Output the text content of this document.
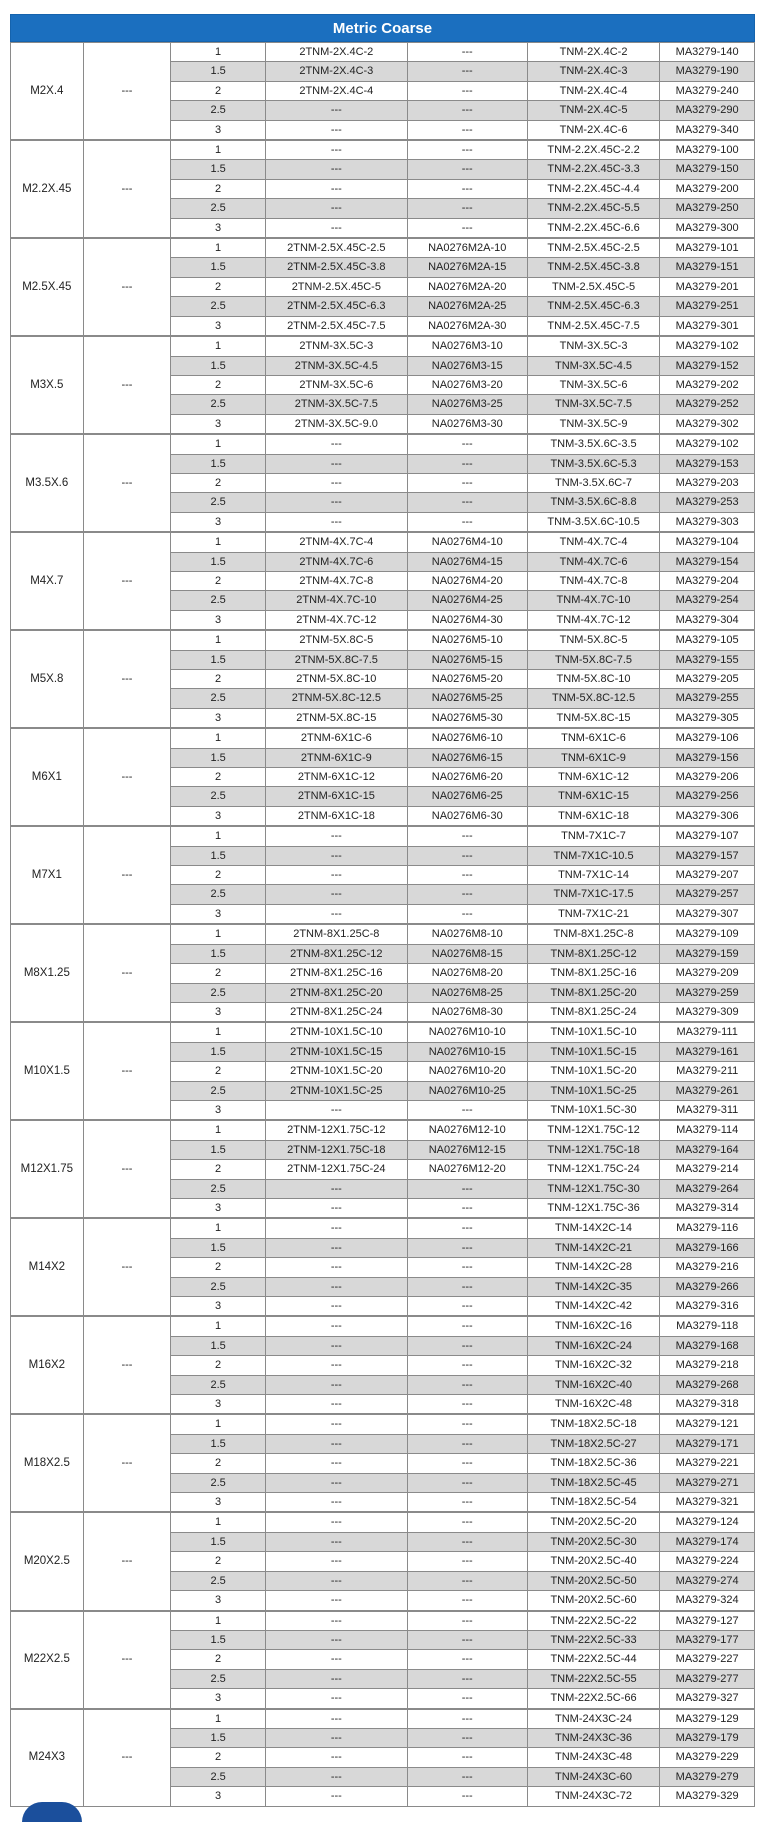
Metric Coarse
M2X.4	---	1	2TNM-2X.4C-2	---	TNM-2X.4C-2	MA3279-140
		1.5	2TNM-2X.4C-3	---	TNM-2X.4C-3	MA3279-190
		2	2TNM-2X.4C-4	---	TNM-2X.4C-4	MA3279-240
		2.5	---	---	TNM-2X.4C-5	MA3279-290
		3	---	---	TNM-2X.4C-6	MA3279-340
M2.2X.45	---	1	---	---	TNM-2.2X.45C-2.2	MA3279-100
		1.5	---	---	TNM-2.2X.45C-3.3	MA3279-150
		2	---	---	TNM-2.2X.45C-4.4	MA3279-200
		2.5	---	---	TNM-2.2X.45C-5.5	MA3279-250
		3	---	---	TNM-2.2X.45C-6.6	MA3279-300
M2.5X.45	---	1	2TNM-2.5X.45C-2.5	NA0276M2A-10	TNM-2.5X.45C-2.5	MA3279-101
		1.5	2TNM-2.5X.45C-3.8	NA0276M2A-15	TNM-2.5X.45C-3.8	MA3279-151
		2	2TNM-2.5X.45C-5	NA0276M2A-20	TNM-2.5X.45C-5	MA3279-201
		2.5	2TNM-2.5X.45C-6.3	NA0276M2A-25	TNM-2.5X.45C-6.3	MA3279-251
		3	2TNM-2.5X.45C-7.5	NA0276M2A-30	TNM-2.5X.45C-7.5	MA3279-301
M3X.5	---	1	2TNM-3X.5C-3	NA0276M3-10	TNM-3X.5C-3	MA3279-102
		1.5	2TNM-3X.5C-4.5	NA0276M3-15	TNM-3X.5C-4.5	MA3279-152
		2	2TNM-3X.5C-6	NA0276M3-20	TNM-3X.5C-6	MA3279-202
		2.5	2TNM-3X.5C-7.5	NA0276M3-25	TNM-3X.5C-7.5	MA3279-252
		3	2TNM-3X.5C-9.0	NA0276M3-30	TNM-3X.5C-9	MA3279-302
M3.5X.6	---	1	---	---	TNM-3.5X.6C-3.5	MA3279-102
		1.5	---	---	TNM-3.5X.6C-5.3	MA3279-153
		2	---	---	TNM-3.5X.6C-7	MA3279-203
		2.5	---	---	TNM-3.5X.6C-8.8	MA3279-253
		3	---	---	TNM-3.5X.6C-10.5	MA3279-303
M4X.7	---	1	2TNM-4X.7C-4	NA0276M4-10	TNM-4X.7C-4	MA3279-104
		1.5	2TNM-4X.7C-6	NA0276M4-15	TNM-4X.7C-6	MA3279-154
		2	2TNM-4X.7C-8	NA0276M4-20	TNM-4X.7C-8	MA3279-204
		2.5	2TNM-4X.7C-10	NA0276M4-25	TNM-4X.7C-10	MA3279-254
		3	2TNM-4X.7C-12	NA0276M4-30	TNM-4X.7C-12	MA3279-304
M5X.8	---	1	2TNM-5X.8C-5	NA0276M5-10	TNM-5X.8C-5	MA3279-105
		1.5	2TNM-5X.8C-7.5	NA0276M5-15	TNM-5X.8C-7.5	MA3279-155
		2	2TNM-5X.8C-10	NA0276M5-20	TNM-5X.8C-10	MA3279-205
		2.5	2TNM-5X.8C-12.5	NA0276M5-25	TNM-5X.8C-12.5	MA3279-255
		3	2TNM-5X.8C-15	NA0276M5-30	TNM-5X.8C-15	MA3279-305
M6X1	---	1	2TNM-6X1C-6	NA0276M6-10	TNM-6X1C-6	MA3279-106
		1.5	2TNM-6X1C-9	NA0276M6-15	TNM-6X1C-9	MA3279-156
		2	2TNM-6X1C-12	NA0276M6-20	TNM-6X1C-12	MA3279-206
		2.5	2TNM-6X1C-15	NA0276M6-25	TNM-6X1C-15	MA3279-256
		3	2TNM-6X1C-18	NA0276M6-30	TNM-6X1C-18	MA3279-306
M7X1	---	1	---	---	TNM-7X1C-7	MA3279-107
		1.5	---	---	TNM-7X1C-10.5	MA3279-157
		2	---	---	TNM-7X1C-14	MA3279-207
		2.5	---	---	TNM-7X1C-17.5	MA3279-257
		3	---	---	TNM-7X1C-21	MA3279-307
M8X1.25	---	1	2TNM-8X1.25C-8	NA0276M8-10	TNM-8X1.25C-8	MA3279-109
		1.5	2TNM-8X1.25C-12	NA0276M8-15	TNM-8X1.25C-12	MA3279-159
		2	2TNM-8X1.25C-16	NA0276M8-20	TNM-8X1.25C-16	MA3279-209
		2.5	2TNM-8X1.25C-20	NA0276M8-25	TNM-8X1.25C-20	MA3279-259
		3	2TNM-8X1.25C-24	NA0276M8-30	TNM-8X1.25C-24	MA3279-309
M10X1.5	---	1	2TNM-10X1.5C-10	NA0276M10-10	TNM-10X1.5C-10	MA3279-111
		1.5	2TNM-10X1.5C-15	NA0276M10-15	TNM-10X1.5C-15	MA3279-161
		2	2TNM-10X1.5C-20	NA0276M10-20	TNM-10X1.5C-20	MA3279-211
		2.5	2TNM-10X1.5C-25	NA0276M10-25	TNM-10X1.5C-25	MA3279-261
		3	---	---	TNM-10X1.5C-30	MA3279-311
M12X1.75	---	1	2TNM-12X1.75C-12	NA0276M12-10	TNM-12X1.75C-12	MA3279-114
		1.5	2TNM-12X1.75C-18	NA0276M12-15	TNM-12X1.75C-18	MA3279-164
		2	2TNM-12X1.75C-24	NA0276M12-20	TNM-12X1.75C-24	MA3279-214
		2.5	---	---	TNM-12X1.75C-30	MA3279-264
		3	---	---	TNM-12X1.75C-36	MA3279-314
M14X2	---	1	---	---	TNM-14X2C-14	MA3279-116
		1.5	---	---	TNM-14X2C-21	MA3279-166
		2	---	---	TNM-14X2C-28	MA3279-216
		2.5	---	---	TNM-14X2C-35	MA3279-266
		3	---	---	TNM-14X2C-42	MA3279-316
M16X2	---	1	---	---	TNM-16X2C-16	MA3279-118
		1.5	---	---	TNM-16X2C-24	MA3279-168
		2	---	---	TNM-16X2C-32	MA3279-218
		2.5	---	---	TNM-16X2C-40	MA3279-268
		3	---	---	TNM-16X2C-48	MA3279-318
M18X2.5	---	1	---	---	TNM-18X2.5C-18	MA3279-121
		1.5	---	---	TNM-18X2.5C-27	MA3279-171
		2	---	---	TNM-18X2.5C-36	MA3279-221
		2.5	---	---	TNM-18X2.5C-45	MA3279-271
		3	---	---	TNM-18X2.5C-54	MA3279-321
M20X2.5	---	1	---	---	TNM-20X2.5C-20	MA3279-124
		1.5	---	---	TNM-20X2.5C-30	MA3279-174
		2	---	---	TNM-20X2.5C-40	MA3279-224
		2.5	---	---	TNM-20X2.5C-50	MA3279-274
		3	---	---	TNM-20X2.5C-60	MA3279-324
M22X2.5	---	1	---	---	TNM-22X2.5C-22	MA3279-127
		1.5	---	---	TNM-22X2.5C-33	MA3279-177
		2	---	---	TNM-22X2.5C-44	MA3279-227
		2.5	---	---	TNM-22X2.5C-55	MA3279-277
		3	---	---	TNM-22X2.5C-66	MA3279-327
M24X3	---	1	---	---	TNM-24X3C-24	MA3279-129
		1.5	---	---	TNM-24X3C-36	MA3279-179
		2	---	---	TNM-24X3C-48	MA3279-229
		2.5	---	---	TNM-24X3C-60	MA3279-279
		3	---	---	TNM-24X3C-72	MA3279-329
